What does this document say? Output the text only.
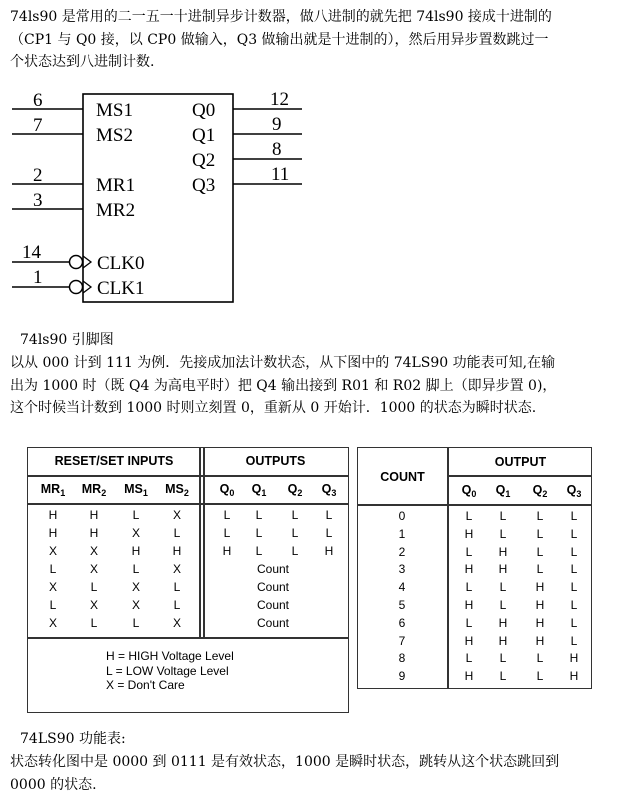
74ls90 是常用的二一五一十进制异步计数器，做八进制的就先把 74ls90 接成十进制的
（CP1 与 Q0 接，以 CP0 做输入，Q3 做输出就是十进制的），然后用异步置数跳过一
个状态达到八进制计数.
6
7
2
3
14
1
MS1
MS2
MR1
MR2
CLK0
CLK1
Q0
Q1
Q2
Q3
12
9
8
11
74ls90 引脚图
以从 000 计到 111 为例．先接成加法计数状态，从下图中的 74LS90 功能表可知,在输
出为 1000 时（既 Q4 为高电平时）把 Q4 输出接到 R01 和 R02 脚上（即异步置 0)，
这个时候当计数到 1000 时则立刻置 0，重新从 0 开始计．1000 的状态为瞬时状态.
RESET/SET INPUTS	OUTPUTS
$MR_1$	$MR_2$	$MS_1$	$MS_2$	$Q_0$	$Q_1$	$Q_2$	$Q_3$
H	H	L	X	L	L	L	L
H	H	X	L	L	L	L	L
X	X	H	H	H	L	L	H
L	X	L	X	Count
X	L	X	L	Count
L	X	X	L	Count
X	L	L	X	Count
H = HIGH Voltage Level
L = LOW Voltage Level
X = Don't Care
COUNT
OUTPUT
$Q_0$	$Q_1$	$Q_2$	$Q_3$
0	L	L	L	L
1	H	L	L	L
2	L	H	L	L
3	H	H	L	L
4	L	L	H	L
5	H	L	H	L
6	L	H	H	L
7	H	H	H	L
8	L	L	L	H
9	H	L	L	H
74LS90 功能表:
状态转化图中是 0000 到 0111 是有效状态，1000 是瞬时状态，跳转从这个状态跳回到
0000 的状态.
